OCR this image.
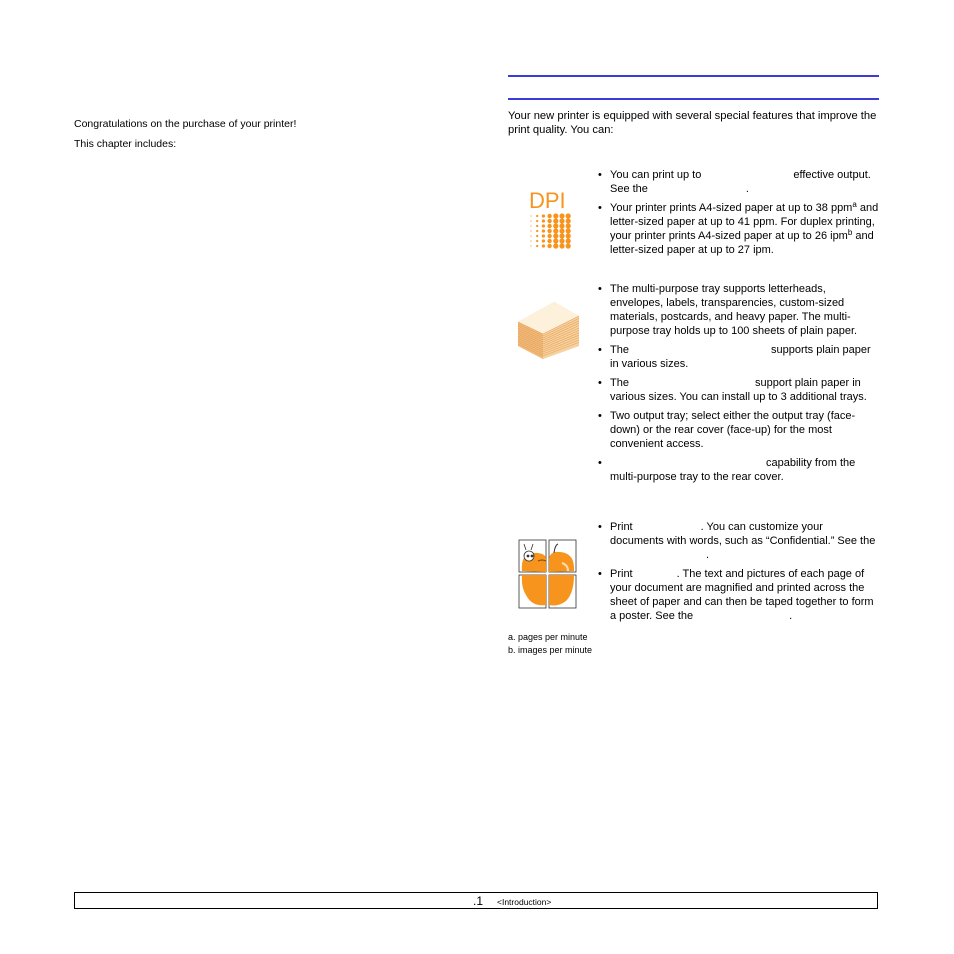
Congratulations on the purchase of your printer!
This chapter includes:
Your new printer is equipped with several special features that improve the print quality. You can:
DPI
• You can print up to	effective output. See the	.
• Your printer prints A4-sized paper at up to 38 ppm$^a$ and letter-sized paper at up to 41 ppm. For duplex printing, your printer prints A4-sized paper at up to 26 ipm$^b$ and letter-sized paper at up to 27 ipm.
• The multi-purpose tray supports letterheads, envelopes, labels, transparencies, custom-sized materials, postcards, and heavy paper. The multi-purpose tray holds up to 100 sheets of plain paper.
• The	supports plain paper in various sizes.
• The	support plain paper in various sizes. You can install up to 3 additional trays.
• Two output tray; select either the output tray (face-down) or the rear cover (face-up) for the most convenient access.
•	capability from the multi-purpose tray to the rear cover.
• Print	. You can customize your documents with words, such as “Confidential.” See the.
• Print	. The text and pictures of each page of your document are magnified and printed across the sheet of paper and can then be taped together to form a poster. See the	.
a. pages per minute
b. images per minute
.1 <Introduction>
